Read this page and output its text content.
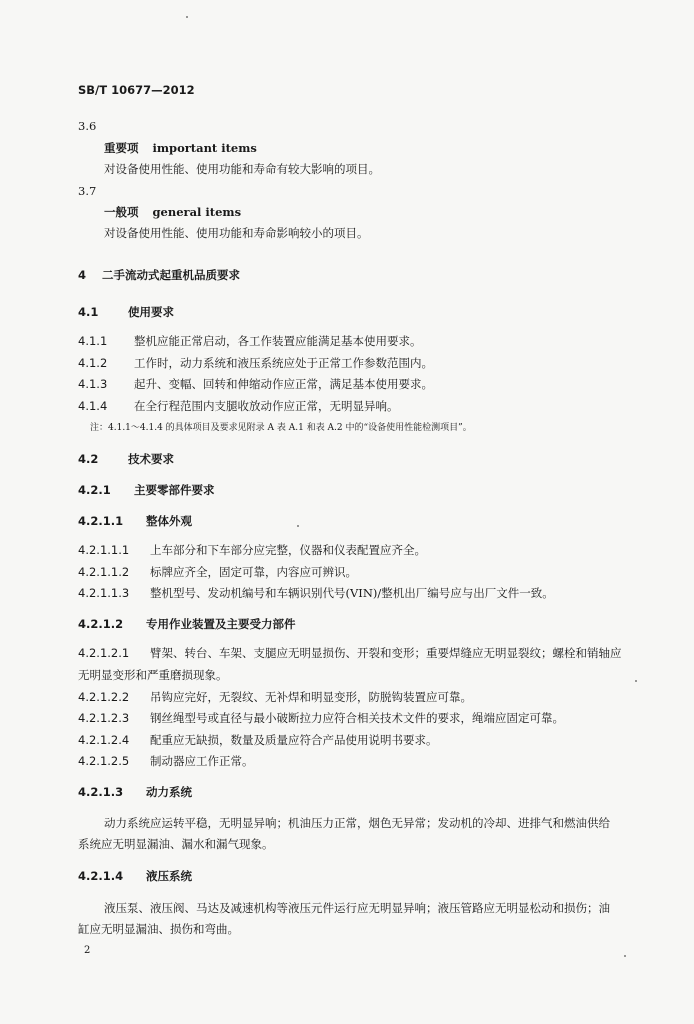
SB/T 10677—2012
3.6
重要项 important items
对设备使用性能、使用功能和寿命有较大影响的项目。
3.7
一般项 general items
对设备使用性能、使用功能和寿命影响较小的项目。
4 二手流动式起重机品质要求
4.1	使用要求
4.1.1 整机应能正常启动，各工作装置应能满足基本使用要求。
4.1.2 工作时，动力系统和液压系统应处于正常工作参数范围内。
4.1.3 起升、变幅、回转和伸缩动作应正常，满足基本使用要求。
4.1.4 在全行程范围内支腿收放动作应正常，无明显异响。
注：4.1.1～4.1.4 的具体项目及要求见附录 A 表 A.1 和表 A.2 中的“设备使用性能检测项目”。
4.2	技术要求
4.2.1 主要零部件要求
4.2.1.1 整体外观
4.2.1.1.1 上车部分和下车部分应完整，仪器和仪表配置应齐全。
4.2.1.1.2 标牌应齐全，固定可靠，内容应可辨识。
4.2.1.1.3 整机型号、发动机编号和车辆识别代号(VIN)/整机出厂编号应与出厂文件一致。
4.2.1.2 专用作业装置及主要受力部件
4.2.1.2.1 臂架、转台、车架、支腿应无明显损伤、开裂和变形；重要焊缝应无明显裂纹；螺栓和销轴应
无明显变形和严重磨损现象。
4.2.1.2.2 吊钩应完好，无裂纹、无补焊和明显变形，防脱钩装置应可靠。
4.2.1.2.3 钢丝绳型号或直径与最小破断拉力应符合相关技术文件的要求，绳端应固定可靠。
4.2.1.2.4 配重应无缺损，数量及质量应符合产品使用说明书要求。
4.2.1.2.5 制动器应工作正常。
4.2.1.3 动力系统
动力系统应运转平稳，无明显异响；机油压力正常，烟色无异常；发动机的冷却、进排气和燃油供给
系统应无明显漏油、漏水和漏气现象。
4.2.1.4 液压系统
液压泵、液压阀、马达及减速机构等液压元件运行应无明显异响；液压管路应无明显松动和损伤；油
缸应无明显漏油、损伤和弯曲。
2
